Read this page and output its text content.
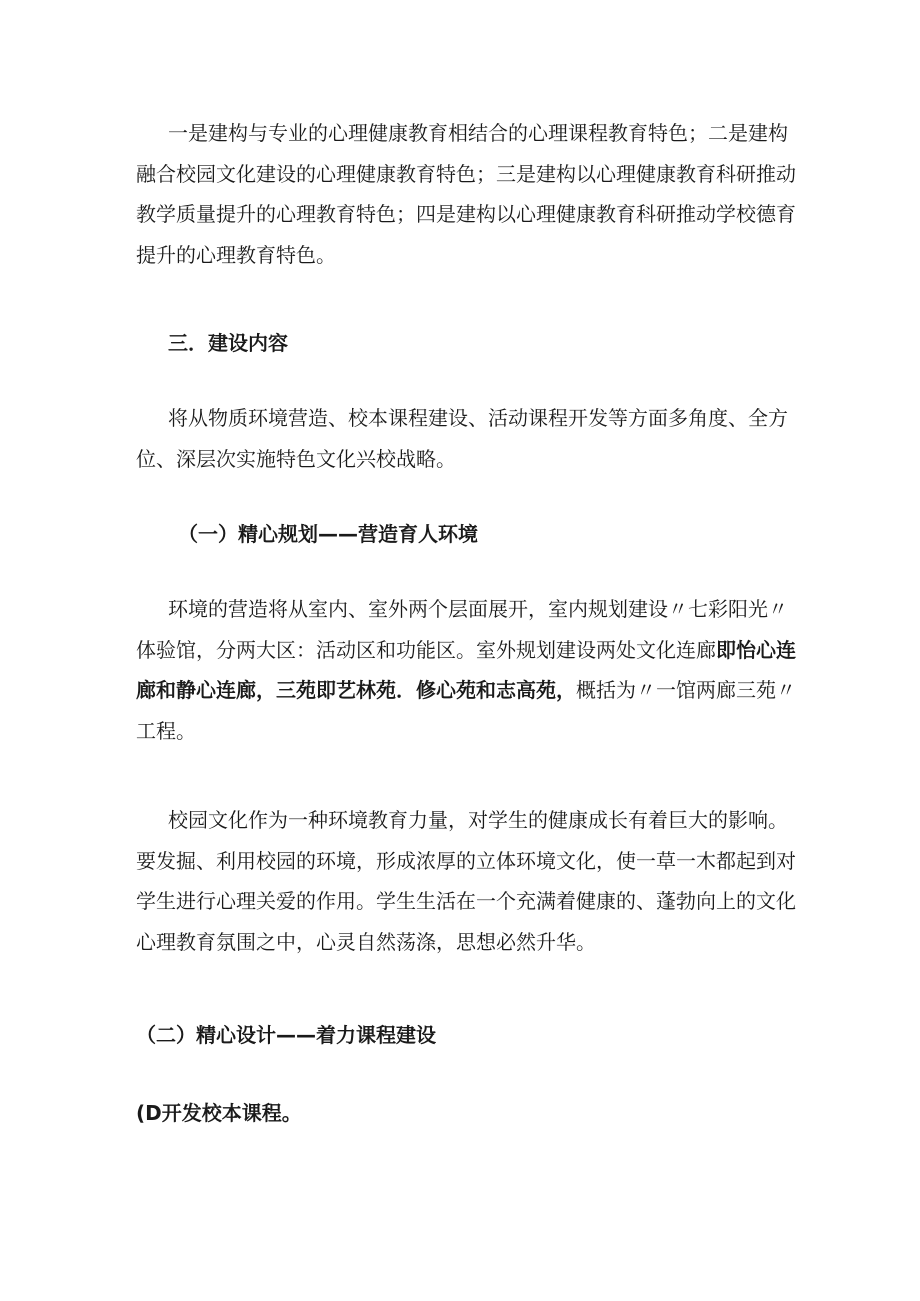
一是建构与专业的心理健康教育相结合的心理课程教育特色；二是建构融合校园文化建设的心理健康教育特色；三是建构以心理健康教育科研推动教学质量提升的心理教育特色；四是建构以心理健康教育科研推动学校德育提升的心理教育特色。

三．建设内容

将从物质环境营造、校本课程建设、活动课程开发等方面多角度、全方位、深层次实施特色文化兴校战略。

（一）精心规划——营造育人环境

环境的营造将从室内、室外两个层面展开，室内规划建设〃七彩阳光〃体验馆，分两大区：活动区和功能区。室外规划建设两处文化连廊即怡心连廊和静心连廊，三苑即艺林苑．修心苑和志高苑，概括为〃一馆两廊三苑〃工程。

校园文化作为一种环境教育力量，对学生的健康成长有着巨大的影响。要发掘、利用校园的环境，形成浓厚的立体环境文化，使一草一木都起到对学生进行心理关爱的作用。学生生活在一个充满着健康的、蓬勃向上的文化心理教育氛围之中，心灵自然荡涤，思想必然升华。

（二）精心设计——着力课程建设

(D开发校本课程。
